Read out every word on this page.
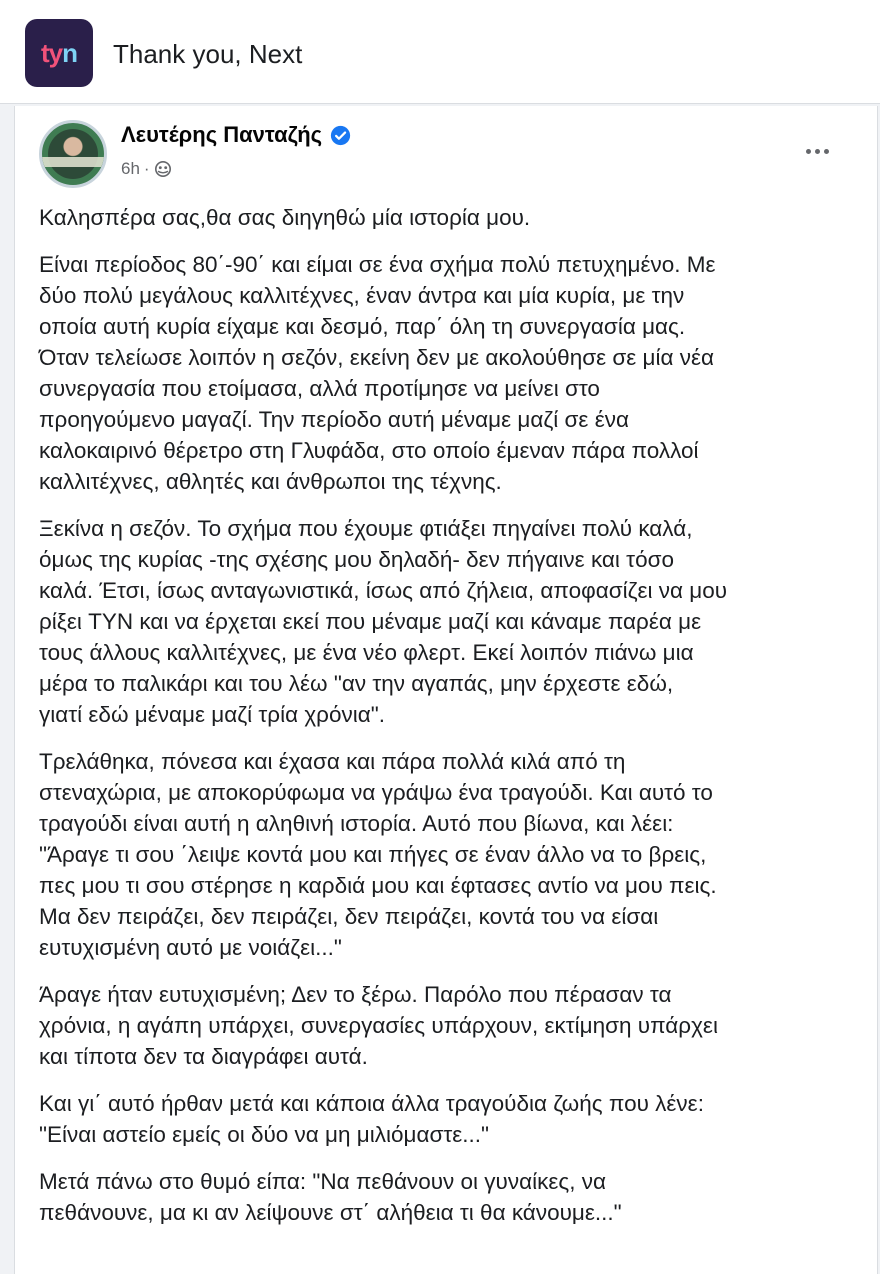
t y n Thank you, Next
Λευτέρης Πανταζής
6h ·

Καλησπέρα σας,⁣θα σας διηγηθώ μία ιστορία μου.

Είναι περίοδος 80΄-90΄ και είμαι σε ένα σχήμα πολύ πετυχημένο. Με
δύο πολύ μεγάλους καλλιτέχνες, έναν άντρα και μία κυρία, με την
οποία αυτή κυρία είχαμε και δεσμό, παρ΄ όλη τη συνεργασία μας.
Όταν τελείωσε λοιπόν η σεζόν, εκείνη δεν με ακολούθησε σε μία νέα
συνεργασία που ετοίμασα, αλλά προτίμησε να μείνει στο
προηγούμενο μαγαζί. Την περίοδο αυτή μέναμε μαζί σε ένα
καλοκαιρινό θέρετρο στη Γλυφάδα, στο οποίο έμεναν πάρα πολλοί
καλλιτέχνες, αθλητές και άνθρωποι της τέχνης.

Ξεκίνα η σεζόν. Το σχήμα που έχουμε φτιάξει πηγαίνει πολύ καλά,
όμως της κυρίας -της σχέσης μου δηλαδή- δεν πήγαινε και τόσο
καλά. Έτσι, ίσως ανταγωνιστικά, ίσως από ζήλεια, αποφασίζει να μου
ρίξει TYN και να έρχεται εκεί που μέναμε μαζί και κάναμε παρέα με
τους άλλους καλλιτέχνες, με ένα νέο φλερτ. Εκεί λοιπόν πιάνω μια
μέρα το παλικάρι και του λέω "αν την αγαπάς, μην έρχεστε εδώ,
γιατί εδώ μέναμε μαζί τρία χρόνια".

Τρελάθηκα, πόνεσα και έχασα και πάρα πολλά κιλά από τη
στεναχώρια, με αποκορύφωμα να γράψω ένα τραγούδι. Και αυτό το
τραγούδι είναι αυτή η αληθινή ιστορία. Αυτό που βίωνα, και λέει:
"Άραγε τι σου ΄λειψε κοντά μου και πήγες σε έναν άλλο να το βρεις,
πες μου τι σου στέρησε η καρδιά μου και έφτασες αντίο να μου πεις.
Μα δεν πειράζει, δεν πειράζει, δεν πειράζει, κοντά του να είσαι
ευτυχισμένη αυτό με νοιάζει..."

Άραγε ήταν ευτυχισμένη; Δεν το ξέρω. Παρόλο που πέρασαν τα
χρόνια, η αγάπη υπάρχει, συνεργασίες υπάρχουν, εκτίμηση υπάρχει
και τίποτα δεν τα διαγράφει αυτά.

Και γι΄ αυτό ήρθαν μετά και κάποια άλλα τραγούδια ζωής που λένε:
"Είναι αστείο εμείς οι δύο να μη μιλιόμαστε..."

Μετά πάνω στο θυμό είπα: "Να πεθάνουν οι γυναίκες, να
πεθάνουνε, μα κι αν λείψουνε στ΄ αλήθεια τι θα κάνουμε..."
